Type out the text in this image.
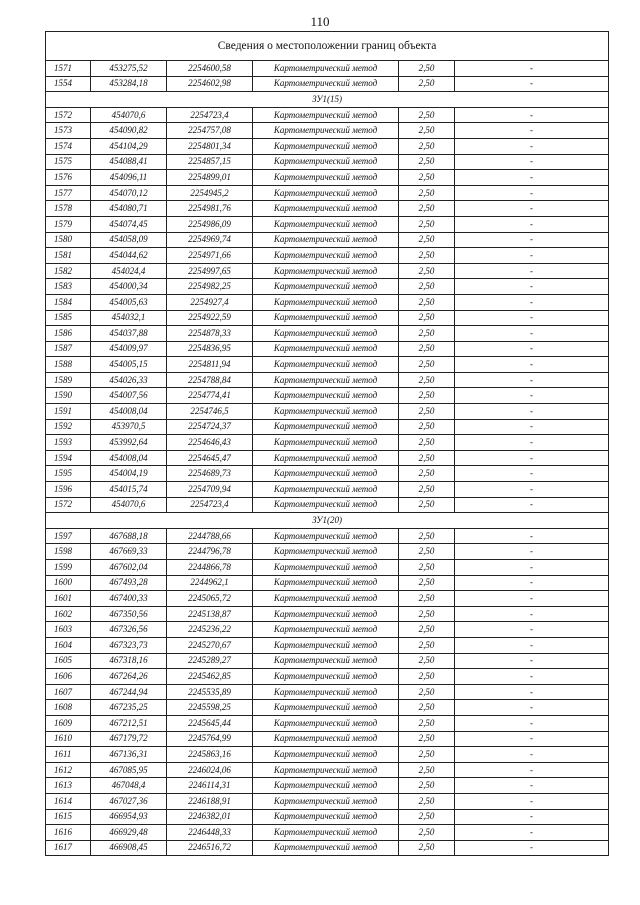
110
Сведения о местоположении границ объекта					
1571	453275,52	2254600,58	Картометрический метод	2,50	-
1554	453284,18	2254602,98	Картометрический метод	2,50	-
ЗУ1(15)					
1572	454070,6	2254723,4	Картометрический метод	2,50	-
1573	454090,82	2254757,08	Картометрический метод	2,50	-
1574	454104,29	2254801,34	Картометрический метод	2,50	-
1575	454088,41	2254857,15	Картометрический метод	2,50	-
1576	454096,11	2254899,01	Картометрический метод	2,50	-
1577	454070,12	2254945,2	Картометрический метод	2,50	-
1578	454080,71	2254981,76	Картометрический метод	2,50	-
1579	454074,45	2254986,09	Картометрический метод	2,50	-
1580	454058,09	2254969,74	Картометрический метод	2,50	-
1581	454044,62	2254971,66	Картометрический метод	2,50	-
1582	454024,4	2254997,65	Картометрический метод	2,50	-
1583	454000,34	2254982,25	Картометрический метод	2,50	-
1584	454005,63	2254927,4	Картометрический метод	2,50	-
1585	454032,1	2254922,59	Картометрический метод	2,50	-
1586	454037,88	2254878,33	Картометрический метод	2,50	-
1587	454009,97	2254836,95	Картометрический метод	2,50	-
1588	454005,15	2254811,94	Картометрический метод	2,50	-
1589	454026,33	2254788,84	Картометрический метод	2,50	-
1590	454007,56	2254774,41	Картометрический метод	2,50	-
1591	454008,04	2254746,5	Картометрический метод	2,50	-
1592	453970,5	2254724,37	Картометрический метод	2,50	-
1593	453992,64	2254646,43	Картометрический метод	2,50	-
1594	454008,04	2254645,47	Картометрический метод	2,50	-
1595	454004,19	2254689,73	Картометрический метод	2,50	-
1596	454015,74	2254709,94	Картометрический метод	2,50	-
1572	454070,6	2254723,4	Картометрический метод	2,50	-
ЗУ1(20)					
1597	467688,18	2244788,66	Картометрический метод	2,50	-
1598	467669,33	2244796,78	Картометрический метод	2,50	-
1599	467602,04	2244866,78	Картометрический метод	2,50	-
1600	467493,28	2244962,1	Картометрический метод	2,50	-
1601	467400,33	2245065,72	Картометрический метод	2,50	-
1602	467350,56	2245138,87	Картометрический метод	2,50	-
1603	467326,56	2245236,22	Картометрический метод	2,50	-
1604	467323,73	2245270,67	Картометрический метод	2,50	-
1605	467318,16	2245289,27	Картометрический метод	2,50	-
1606	467264,26	2245462,85	Картометрический метод	2,50	-
1607	467244,94	2245535,89	Картометрический метод	2,50	-
1608	467235,25	2245598,25	Картометрический метод	2,50	-
1609	467212,51	2245645,44	Картометрический метод	2,50	-
1610	467179,72	2245764,99	Картометрический метод	2,50	-
1611	467136,31	2245863,16	Картометрический метод	2,50	-
1612	467085,95	2246024,06	Картометрический метод	2,50	-
1613	467048,4	2246114,31	Картометрический метод	2,50	-
1614	467027,36	2246188,91	Картометрический метод	2,50	-
1615	466954,93	2246382,01	Картометрический метод	2,50	-
1616	466929,48	2246448,33	Картометрический метод	2,50	-
1617	466908,45	2246516,72	Картометрический метод	2,50	-
